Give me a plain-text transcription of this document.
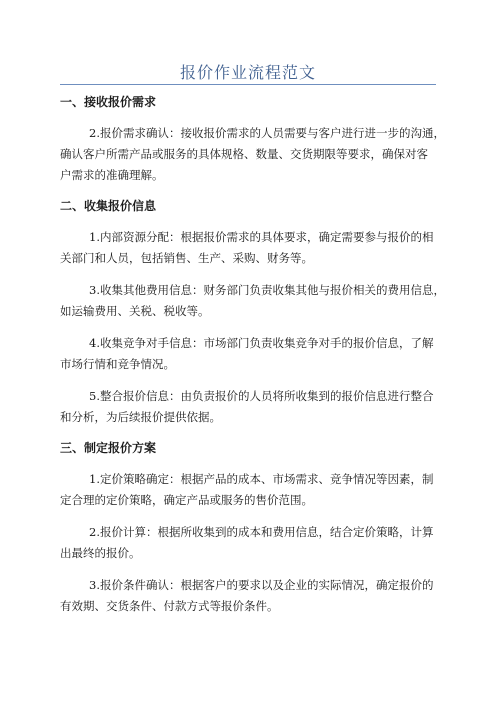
报价作业流程范文
一、接收报价需求

2.报价需求确认：接收报价需求的人员需要与客户进行进一步的沟通，
确认客户所需产品或服务的具体规格、数量、交货期限等要求，确保对客
户需求的准确理解。

二、收集报价信息

1.内部资源分配：根据报价需求的具体要求，确定需要参与报价的相
关部门和人员，包括销售、生产、采购、财务等。

3.收集其他费用信息：财务部门负责收集其他与报价相关的费用信息，
如运输费用、关税、税收等。

4.收集竞争对手信息：市场部门负责收集竞争对手的报价信息，了解
市场行情和竞争情况。

5.整合报价信息：由负责报价的人员将所收集到的报价信息进行整合
和分析，为后续报价提供依据。

三、制定报价方案

1.定价策略确定：根据产品的成本、市场需求、竞争情况等因素，制
定合理的定价策略，确定产品或服务的售价范围。

2.报价计算：根据所收集到的成本和费用信息，结合定价策略，计算
出最终的报价。

3.报价条件确认：根据客户的要求以及企业的实际情况，确定报价的
有效期、交货条件、付款方式等报价条件。
